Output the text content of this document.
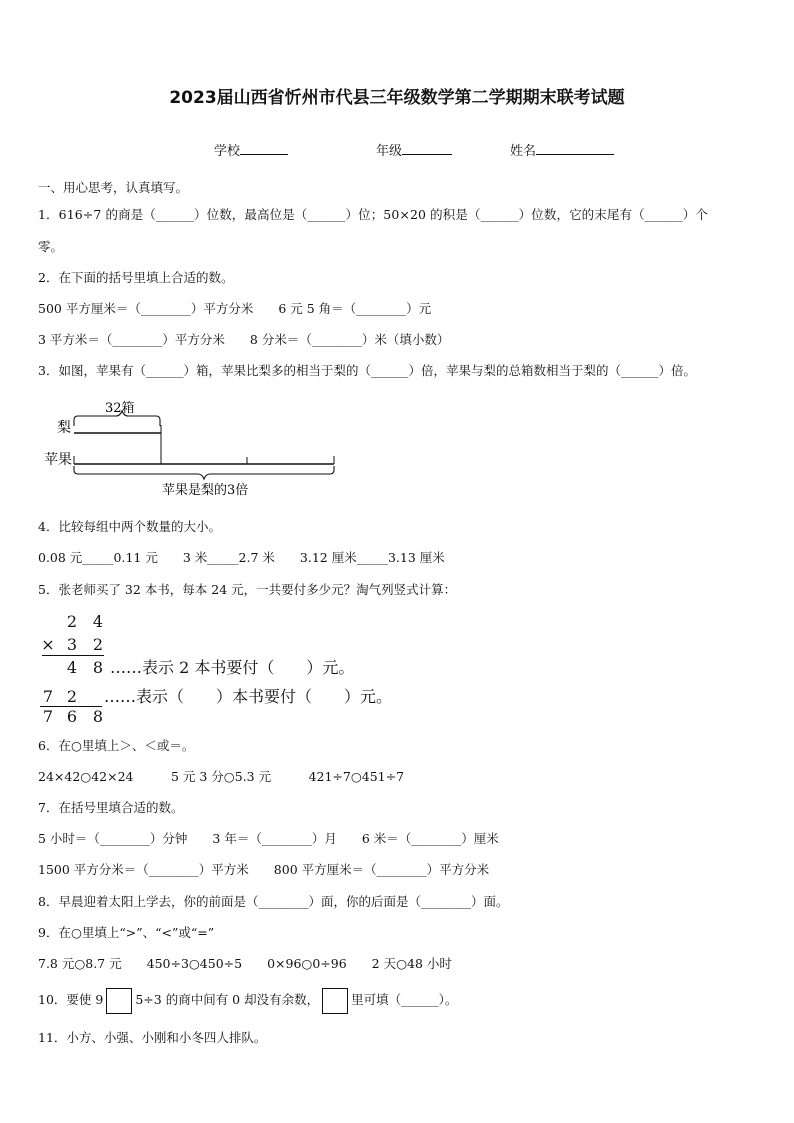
2023届山西省忻州市代县三年级数学第二学期期末联考试题
学校	年级	姓名
一、用心思考，认真填写。
1．616÷7 的商是（______）位数，最高位是（______）位；50×20 的积是（______）位数，它的末尾有（______）个
零。
2．在下面的括号里填上合适的数。
500 平方厘米＝（________）平方分米　　6 元 5 角＝（________）元
3 平方米＝（________）平方分米　　8 分米＝（________）米（填小数）
3．如图，苹果有（______）箱，苹果比梨多的相当于梨的（______）倍，苹果与梨的总箱数相当于梨的（______）倍。
32箱
梨
苹果
苹果是梨的3倍
4．比较每组中两个数量的大小。
0.08 元_____0.11 元　　3 米_____2.7 米　　3.12 厘米_____3.13 厘米
5．张老师买了 32 本书，每本 24 元，一共要付多少元？淘气列竖式计算：
2 4
× 3 2
4 8 ……表示 2 本书要付（　　）元。
7 2	……表示（　　）本书要付（　　）元。
7 6 8
6．在○里填上＞、＜或＝。
24×42○42×24　　　5 元 3 分○5.3 元　　　421÷7○451÷7
7．在括号里填合适的数。
5 小时＝（________）分钟　　3 年＝（________）月　　6 米＝（________）厘米
1500 平方分米＝（________）平方米　　800 平方厘米＝（________）平方分米
8．早晨迎着太阳上学去，你的前面是（________）面，你的后面是（________）面。
9．在○里填上“>”、“<”或“=”
7.8 元○8.7 元　　450÷3○450÷5　　0×96○0÷96　　2 天○48 小时
10．要使 9	5÷3 的商中间有 0 却没有余数，	里可填（______）。
11．小方、小强、小刚和小冬四人排队。
